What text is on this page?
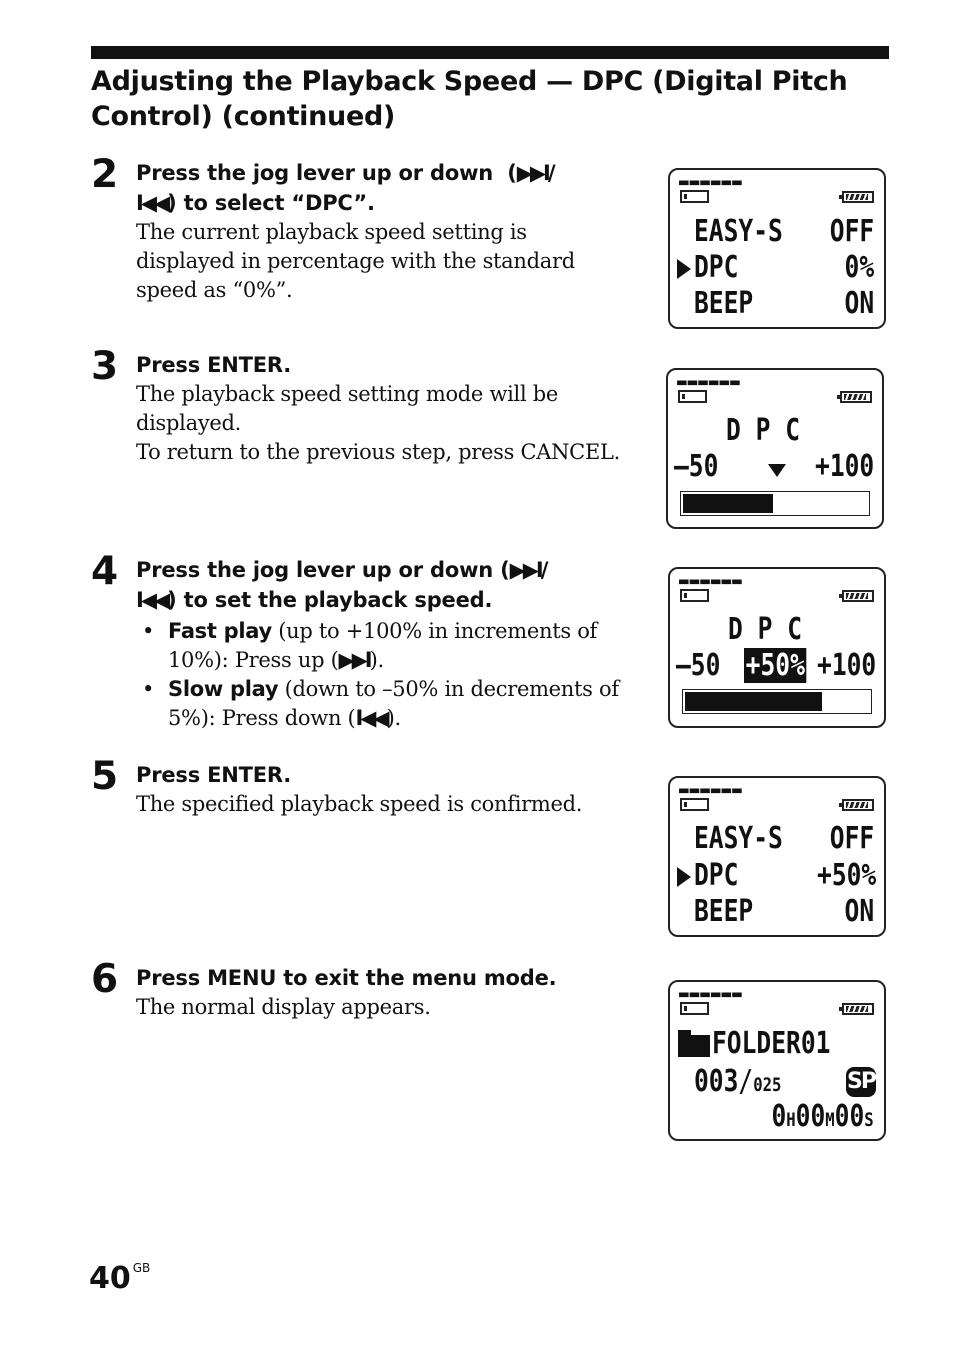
Adjusting the Playback Speed — DPC (Digital Pitch Control) (continued)
2 Press the jog lever up or down  (▶▶I/
I◀◀) to select “DPC”.
The current playback speed setting is displayed in percentage with the standard speed as “0%”.
3 Press ENTER.
The playback speed setting mode will be displayed.
To return to the previous step, press CANCEL.
4 Press the jog lever up or down (▶▶I/
I◀◀) to set the playback speed.
• Fast play (up to +100% in increments of 10%): Press up (▶▶I).
• Slow play (down to –50% in decrements of 5%): Press down (I◀◀).
5 Press ENTER.
The specified playback speed is confirmed.
6 Press MENU to exit the menu mode.
The normal display appears.
▬▬▬▬▬▬
EASY-S OFF
DPC	0%
BEEP	ON
▬▬▬▬▬▬
D P C
–50	+100
▬▬▬▬▬▬
D P C
–50 +50% +100
▬▬▬▬▬▬
EASY-S OFF
DPC	+50%
BEEP	ON
▬▬▬▬▬▬
FOLDER01
003/025	SP
0H00M00S
40 $^{GB}$
